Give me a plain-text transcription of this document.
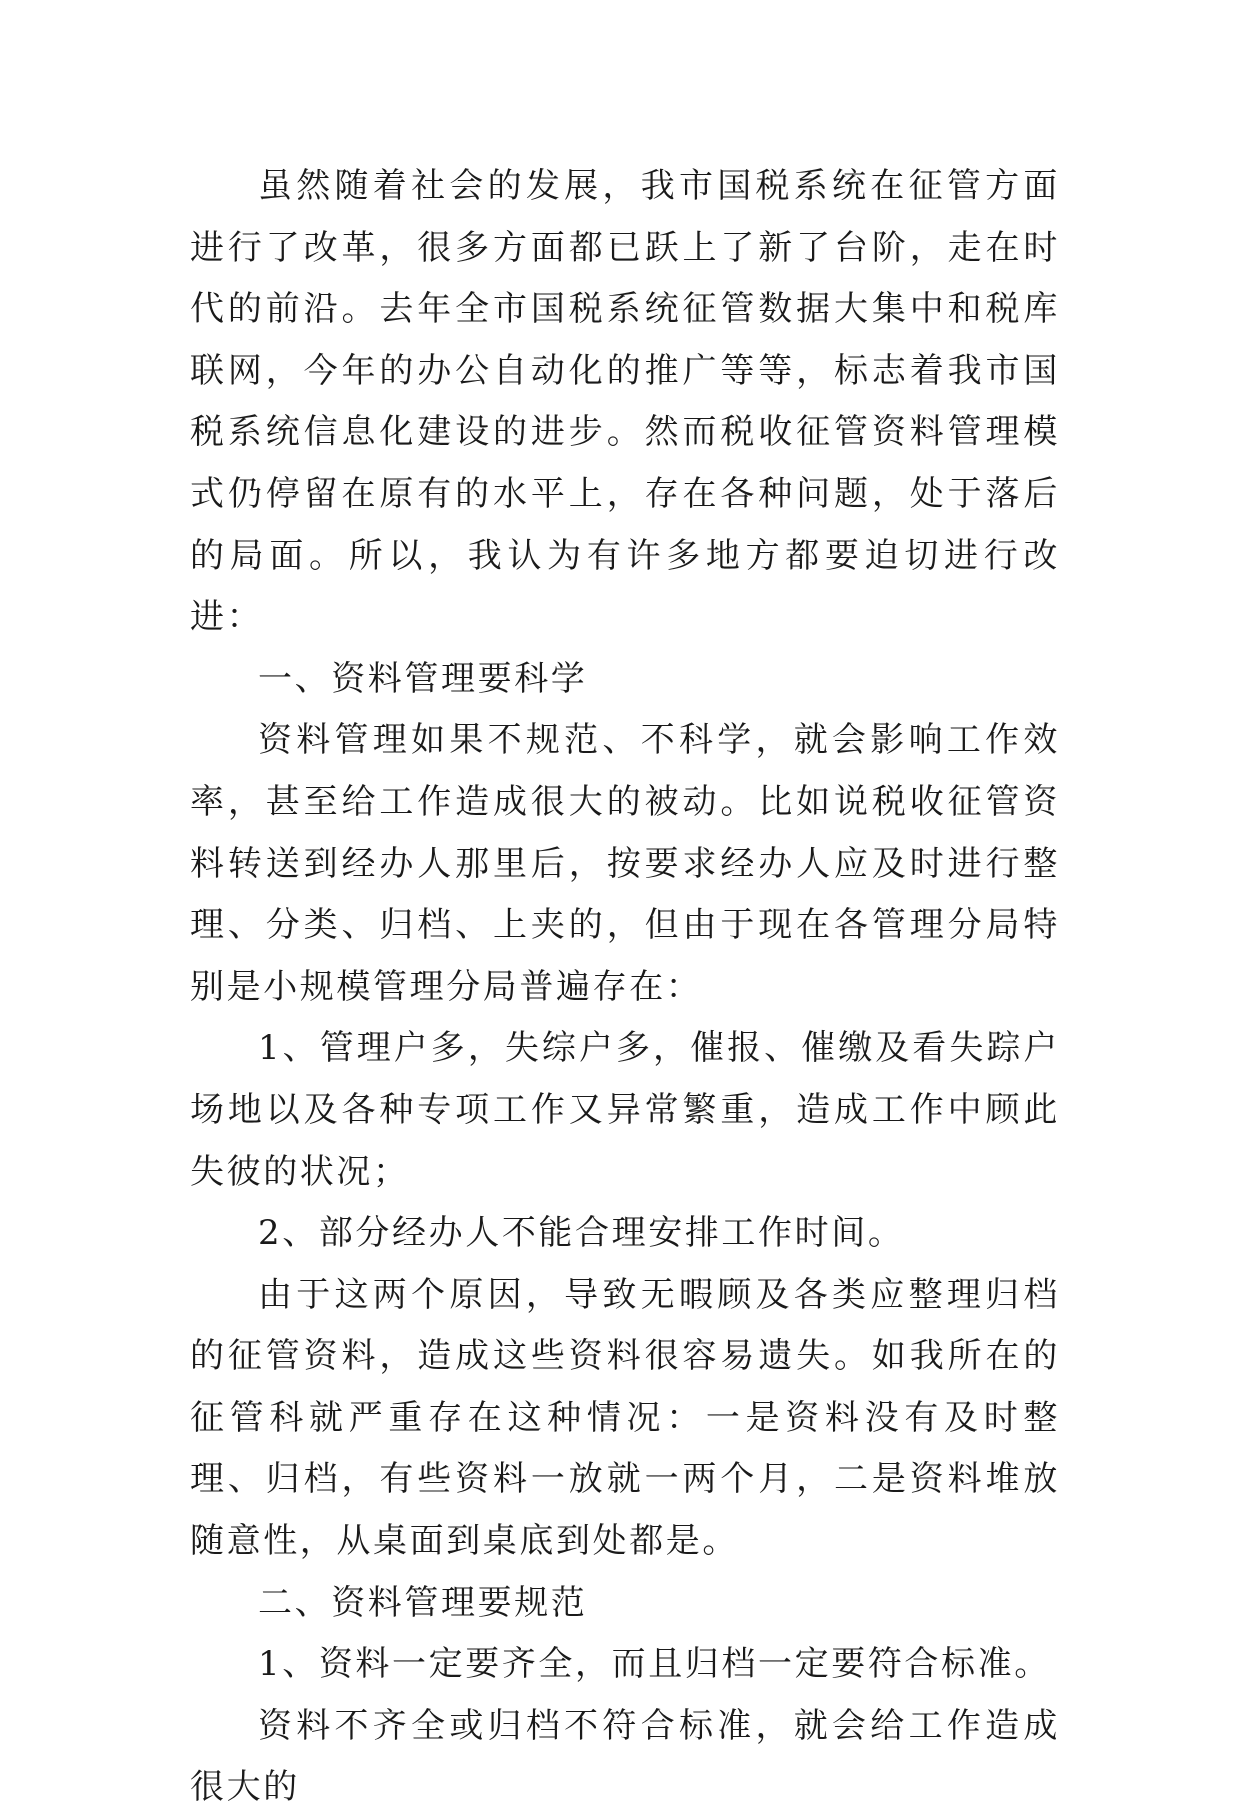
虽然随着社会的发展，我市国税系统在征管方面进行了改革，很多方面都已跃上了新了台阶，走在时代的前沿。去年全市国税系统征管数据大集中和税库联网，今年的办公自动化的推广等等，标志着我市国税系统信息化建设的进步。然而税收征管资料管理模式仍停留在原有的水平上，存在各种问题，处于落后的局面。所以，我认为有许多地方都要迫切进行改进：

一、资料管理要科学

资料管理如果不规范、不科学，就会影响工作效率，甚至给工作造成很大的被动。比如说税收征管资料转送到经办人那里后，按要求经办人应及时进行整理、分类、归档、上夹的，但由于现在各管理分局特别是小规模管理分局普遍存在：

1、管理户多，失综户多，催报、催缴及看失踪户场地以及各种专项工作又异常繁重，造成工作中顾此失彼的状况；

2、部分经办人不能合理安排工作时间。

由于这两个原因，导致无暇顾及各类应整理归档的征管资料，造成这些资料很容易遗失。如我所在的征管科就严重存在这种情况：一是资料没有及时整理、归档，有些资料一放就一两个月，二是资料堆放随意性，从桌面到桌底到处都是。

二、资料管理要规范

1、资料一定要齐全，而且归档一定要符合标准。

资料不齐全或归档不符合标准，就会给工作造成很大的
